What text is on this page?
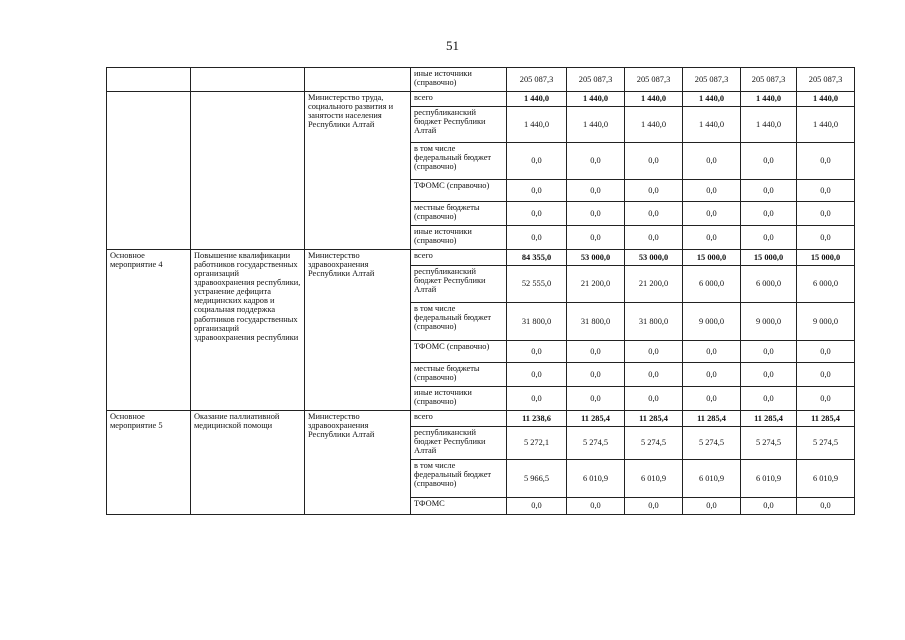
51
			иные источники (справочно)	205 087,3	205 087,3	205 087,3	205 087,3	205 087,3	205 087,3
		Министерство труда, социального развития и занятости населения Республики Алтай	всего	1 440,0	1 440,0	1 440,0	1 440,0	1 440,0	1 440,0
			республиканский бюджет Республики Алтай	1 440,0	1 440,0	1 440,0	1 440,0	1 440,0	1 440,0
			в том числе федеральный бюджет (справочно)	0,0	0,0	0,0	0,0	0,0	0,0
			ТФОМС (справочно)	0,0	0,0	0,0	0,0	0,0	0,0
			местные бюджеты (справочно)	0,0	0,0	0,0	0,0	0,0	0,0
			иные источники (справочно)	0,0	0,0	0,0	0,0	0,0	0,0
Основное мероприятие 4	Повышение квалификации работников государственных организаций здравоохранения республики, устранение дефицита медицинских кадров и социальная поддержка работников государственных организаций здравоохранения республики	Министерство здравоохранения Республики Алтай	всего	84 355,0	53 000,0	53 000,0	15 000,0	15 000,0	15 000,0
			республиканский бюджет Республики Алтай	52 555,0	21 200,0	21 200,0	6 000,0	6 000,0	6 000,0
			в том числе федеральный бюджет (справочно)	31 800,0	31 800,0	31 800,0	9 000,0	9 000,0	9 000,0
			ТФОМС (справочно)	0,0	0,0	0,0	0,0	0,0	0,0
			местные бюджеты (справочно)	0,0	0,0	0,0	0,0	0,0	0,0
			иные источники (справочно)	0,0	0,0	0,0	0,0	0,0	0,0
Основное мероприятие 5	Оказание паллиативной медицинской помощи	Министерство здравоохранения Республики Алтай	всего	11 238,6	11 285,4	11 285,4	11 285,4	11 285,4	11 285,4
			республиканский бюджет Республики Алтай	5 272,1	5 274,5	5 274,5	5 274,5	5 274,5	5 274,5
			в том числе федеральный бюджет (справочно)	5 966,5	6 010,9	6 010,9	6 010,9	6 010,9	6 010,9
			ТФОМС	0,0	0,0	0,0	0,0	0,0	0,0
